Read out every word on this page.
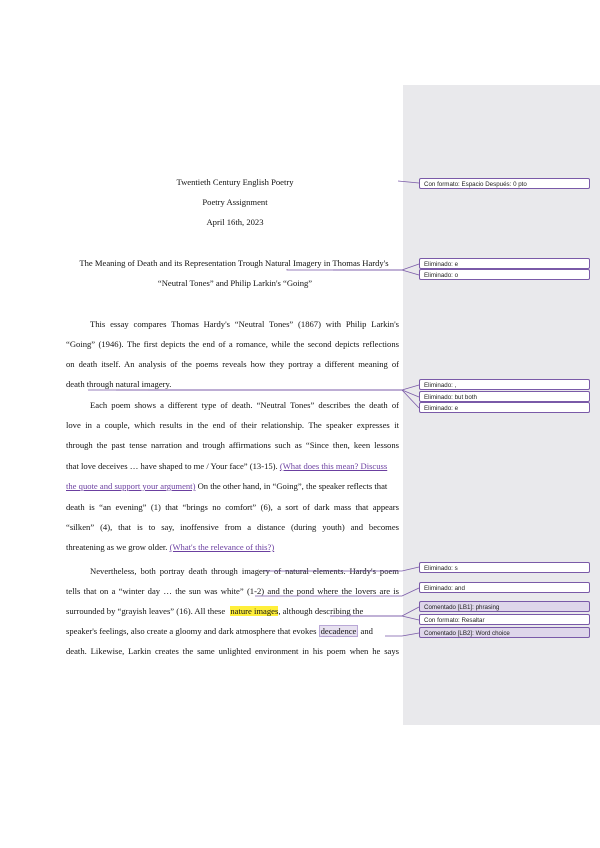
Twentieth Century English Poetry
Poetry Assignment
April 16th, 2023
The Meaning of Death and its Representation Trough Natural Imagery in Thomas Hardy's
“Neutral Tones” and Philip Larkin's “Going”
This essay compares Thomas Hardy's “Neutral Tones” (1867) with Philip Larkin's
“Going” (1946). The first depicts the end of a romance, while the second depicts reflections
on death itself. An analysis of the poems reveals how they portray a different meaning of
death through natural imagery.
Each poem shows a different type of death. “Neutral Tones” describes the death of
love in a couple, which results in the end of their relationship. The speaker expresses it
through the past tense narration and trough affirmations such as “Since then, keen lessons
that love deceives … have shaped to me / Your face” (13-15). (What does this mean? Discuss
the quote and support your argument) On the other hand, in “Going”, the speaker reflects that
death is “an evening” (1) that “brings no comfort” (6), a sort of dark mass that appears
“silken” (4), that is to say, inoffensive from a distance (during youth) and becomes
threatening as we grow older. (What's the relevance of this?)
Nevertheless, both portray death through imagery of natural elements. Hardy's poem
tells that on a “winter day … the sun was white” (1-2) and the pond where the lovers are is
surrounded by “grayish leaves” (16). All these nature images, although describing the
speaker's feelings, also create a gloomy and dark atmosphere that evokes decadence and
death. Likewise, Larkin creates the same unlighted environment in his poem when he says
Con formato: Espacio Después: 0 pto
Eliminado: e
Eliminado: o
Eliminado: ,
Eliminado: but both
Eliminado: e
Eliminado: s
Eliminado: and
Comentado [LB1]: phrasing
Con formato: Resaltar
Comentado [LB2]: Word choice
